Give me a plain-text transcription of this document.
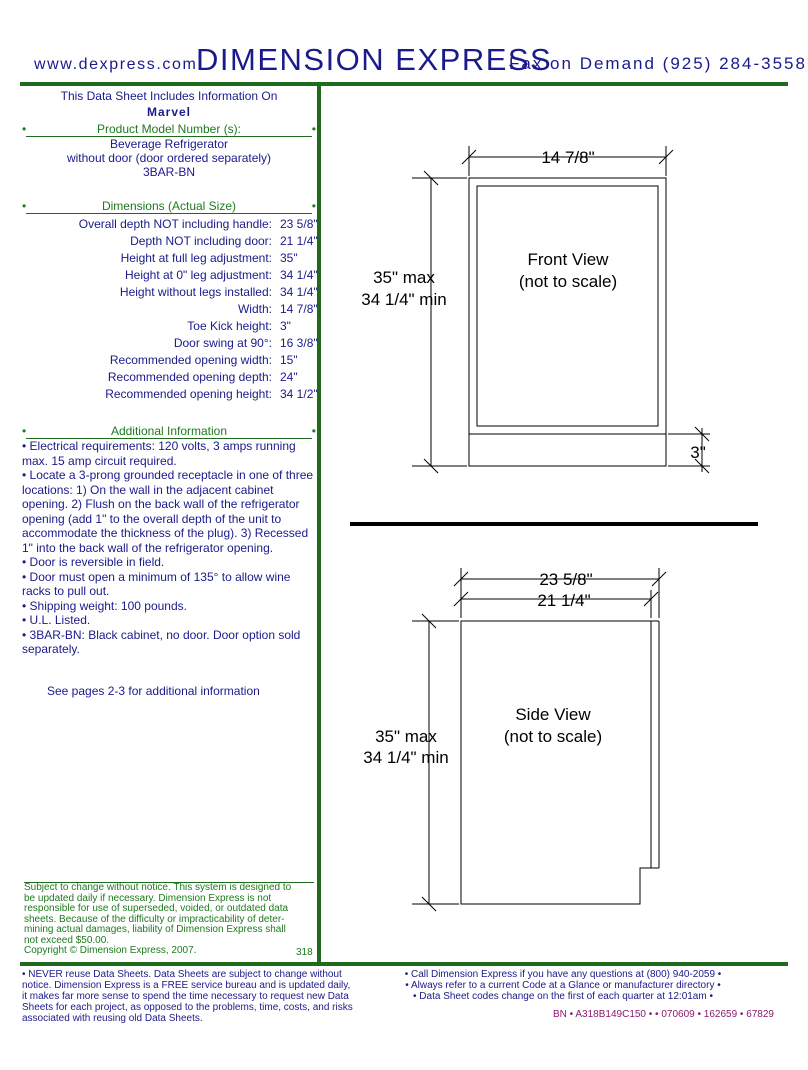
www.dexpress.com
DIMENSION EXPRESS
Fax on Demand (925) 284-3558
This Data Sheet Includes Information On
Marvel
•	Product Model Number (s):	•
Beverage Refrigerator
without door (door ordered separately)
3BAR-BN
•	Dimensions (Actual Size)	•
Overall depth NOT including handle: 23 5/8"
Depth NOT including door: 21 1/4"
Height at full leg adjustment: 35"
Height at 0" leg adjustment: 34 1/4"
Height without legs installed: 34 1/4"
Width: 14 7/8"
Toe Kick height: 3"
Door swing at 90°: 16 3/8"
Recommended opening width: 15"
Recommended opening depth: 24"
Recommended opening height: 34 1/2"
•	Additional Information	•

• Electrical requirements: 120 volts, 3 amps running max. 15 amp circuit required.

• Locate a 3-prong grounded receptacle in one of three locations: 1) On the wall in the adjacent cabinet opening. 2) Flush on the back wall of the refrigerator opening (add 1" to the overall depth of the unit to accommodate the thickness of the plug). 3) Recessed 1" into the back wall of the refrigerator opening.

• Door is reversible in field.

• Door must open a minimum of 135° to allow wine racks to pull out.

• Shipping weight: 100 pounds.

• U.L. Listed.

• 3BAR-BN: Black cabinet, no door. Door option sold separately.

See pages 2-3 for additional information
Subject to change without notice. This system is designed to
be updated daily if necessary. Dimension Express is not
responsible for use of superseded, voided, or outdated data
sheets. Because of the difficulty or impracticability of deter-
mining actual damages, liability of Dimension Express shall
not exceed $50.00.
Copyright © Dimension Express, 2007.	318
14 7/8"
35" max
34 1/4" min
Front View
(not to scale)
3"
23 5/8"
21 1/4"
35" max
34 1/4" min
Side View
(not to scale)
• NEVER reuse Data Sheets. Data Sheets are subject to change without
notice. Dimension Express is a FREE service bureau and is updated daily,
it makes far more sense to spend the time necessary to request new Data
Sheets for each project, as opposed to the problems, time, costs, and risks
associated with reusing old Data Sheets.
• Call Dimension Express if you have any questions at (800) 940-2059 •
• Always refer to a current Code at a Glance or manufacturer directory •
• Data Sheet codes change on the first of each quarter at 12:01am •
BN • A318B149C150 • • 070609 • 162659 • 67829
